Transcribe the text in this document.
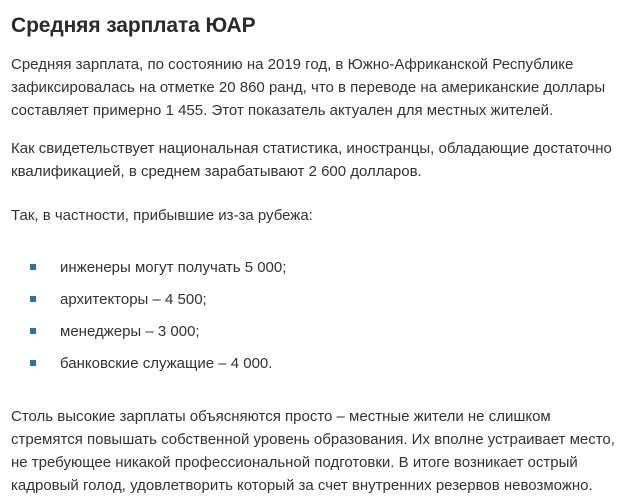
Средняя зарплата ЮАР

Средняя зарплата, по состоянию на 2019 год, в Южно-Африканской Республике
зафиксировалась на отметке 20 860 ранд, что в переводе на американские доллары
составляет примерно 1 455. Этот показатель актуален для местных жителей.

Как свидетельствует национальная статистика, иностранцы, обладающие достаточно
квалификацией, в среднем зарабатывают 2 600 долларов.

Так, в частности, прибывшие из-за рубежа:

инженеры могут получать 5 000;
архитекторы – 4 500;
менеджеры – 3 000;
банковские служащие – 4 000.

Столь высокие зарплаты объясняются просто – местные жители не слишком
стремятся повышать собственной уровень образования. Их вполне устраивает место,
не требующее никакой профессиональной подготовки. В итоге возникает острый
кадровый голод, удовлетворить который за счет внутренних резервов невозможно.
